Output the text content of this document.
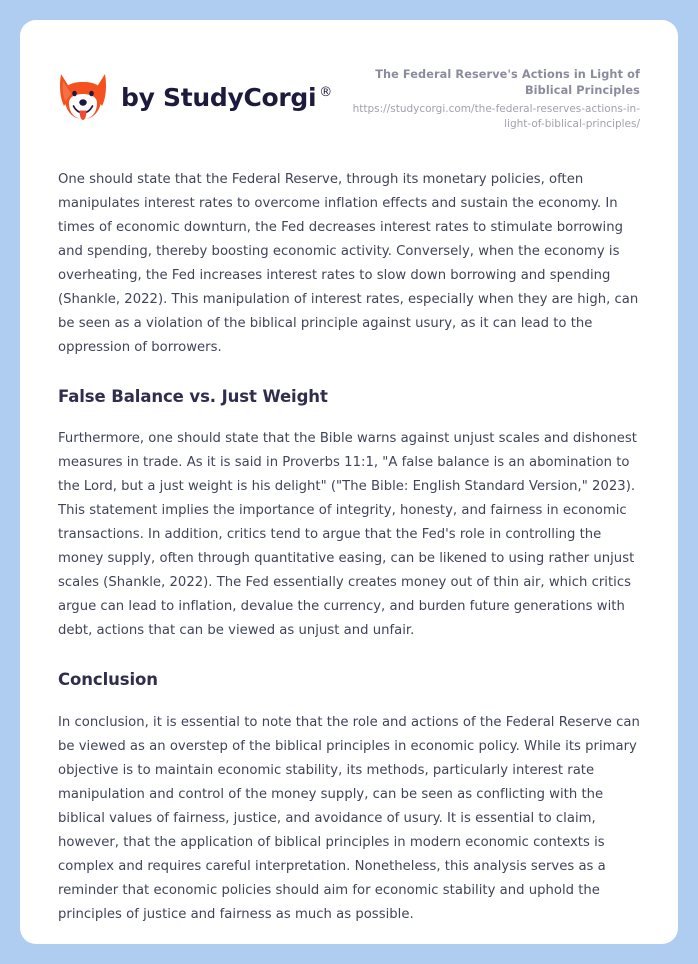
by StudyCorgi ®
The Federal Reserve's Actions in Light of Biblical Principles
https://studycorgi.com/the-federal-reserves-actions-in-light-of-biblical-principles/

One should state that the Federal Reserve, through its monetary policies, often manipulates interest rates to overcome inflation effects and sustain the economy. In times of economic downturn, the Fed decreases interest rates to stimulate borrowing and spending, thereby boosting economic activity. Conversely, when the economy is overheating, the Fed increases interest rates to slow down borrowing and spending (Shankle, 2022). This manipulation of interest rates, especially when they are high, can be seen as a violation of the biblical principle against usury, as it can lead to the oppression of borrowers.

False Balance vs. Just Weight

Furthermore, one should state that the Bible warns against unjust scales and dishonest measures in trade. As it is said in Proverbs 11:1, "A false balance is an abomination to the Lord, but a just weight is his delight" ("The Bible: English Standard Version," 2023). This statement implies the importance of integrity, honesty, and fairness in economic transactions. In addition, critics tend to argue that the Fed's role in controlling the money supply, often through quantitative easing, can be likened to using rather unjust scales (Shankle, 2022). The Fed essentially creates money out of thin air, which critics argue can lead to inflation, devalue the currency, and burden future generations with debt, actions that can be viewed as unjust and unfair.

Conclusion

In conclusion, it is essential to note that the role and actions of the Federal Reserve can be viewed as an overstep of the biblical principles in economic policy. While its primary objective is to maintain economic stability, its methods, particularly interest rate manipulation and control of the money supply, can be seen as conflicting with the biblical values of fairness, justice, and avoidance of usury. It is essential to claim, however, that the application of biblical principles in modern economic contexts is complex and requires careful interpretation. Nonetheless, this analysis serves as a reminder that economic policies should aim for economic stability and uphold the principles of justice and fairness as much as possible.
